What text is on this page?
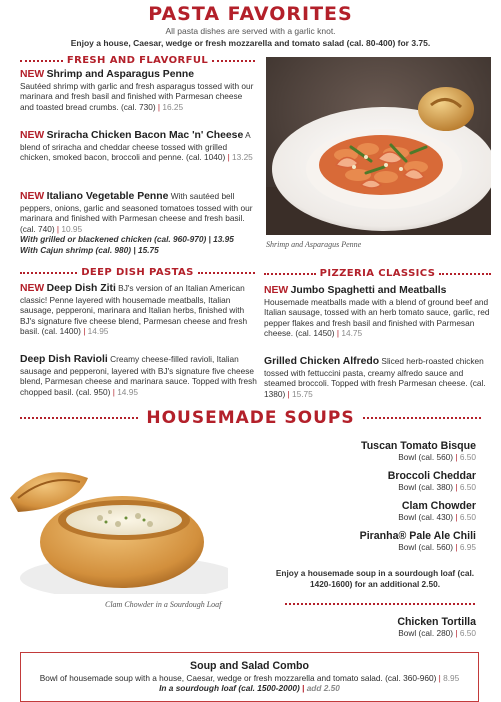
PASTA FAVORITES
All pasta dishes are served with a garlic knot.
Enjoy a house, Caesar, wedge or fresh mozzarella and tomato salad (cal. 80-400) for 3.75.
FRESH AND FLAVORFUL
NEW Shrimp and Asparagus Penne
Sautéed shrimp with garlic and fresh asparagus tossed with our marinara and fresh basil and finished with Parmesan cheese and toasted bread crumbs. (cal. 730) | 16.25
NEW Sriracha Chicken Bacon Mac 'n' Cheese A blend of sriracha and cheddar cheese tossed with grilled chicken, smoked bacon, broccoli and penne. (cal. 1040) | 13.25
NEW Italiano Vegetable Penne With sautéed bell peppers, onions, garlic and seasoned tomatoes tossed with our marinara and finished with Parmesan cheese and fresh basil. (cal. 740) | 10.95
With grilled or blackened chicken (cal. 960-970) | 13.95
With Cajun shrimp (cal. 980) | 15.75
Shrimp and Asparagus Penne
DEEP DISH PASTAS
NEW Deep Dish Ziti BJ's version of an Italian American classic! Penne layered with housemade meatballs, Italian sausage, pepperoni, marinara and Italian herbs, finished with BJ's signature five cheese blend, Parmesan cheese and fresh basil. (cal. 1400) | 14.95
Deep Dish Ravioli Creamy cheese-filled ravioli, Italian sausage and pepperoni, layered with BJ's signature five cheese blend, Parmesan cheese and marinara sauce. Topped with fresh chopped basil. (cal. 950) | 14.95
PIZZERIA CLASSICS
NEW Jumbo Spaghetti and Meatballs
Housemade meatballs made with a blend of ground beef and Italian sausage, tossed with an herb tomato sauce, garlic, red pepper flakes and fresh basil and finished with Parmesan cheese. (cal. 1450) | 14.75
Grilled Chicken Alfredo Sliced herb-roasted chicken tossed with fettuccini pasta, creamy alfredo sauce and steamed broccoli. Topped with fresh Parmesan cheese. (cal. 1380) | 15.75
HOUSEMADE SOUPS
Clam Chowder in a Sourdough Loaf
Tuscan Tomato Bisque
Bowl (cal. 560) | 6.50
Broccoli Cheddar
Bowl (cal. 380) | 6.50
Clam Chowder
Bowl (cal. 430) | 6.50
Piranha® Pale Ale Chili
Bowl (cal. 560) | 6.95
Enjoy a housemade soup in a sourdough loaf (cal. 1420-1600) for an additional 2.50.
Chicken Tortilla
Bowl (cal. 280) | 6.50
Soup and Salad Combo
Bowl of housemade soup with a house, Caesar, wedge or fresh mozzarella and tomato salad. (cal. 360-960) | 8.95
In a sourdough loaf (cal. 1500-2000) | add 2.50
